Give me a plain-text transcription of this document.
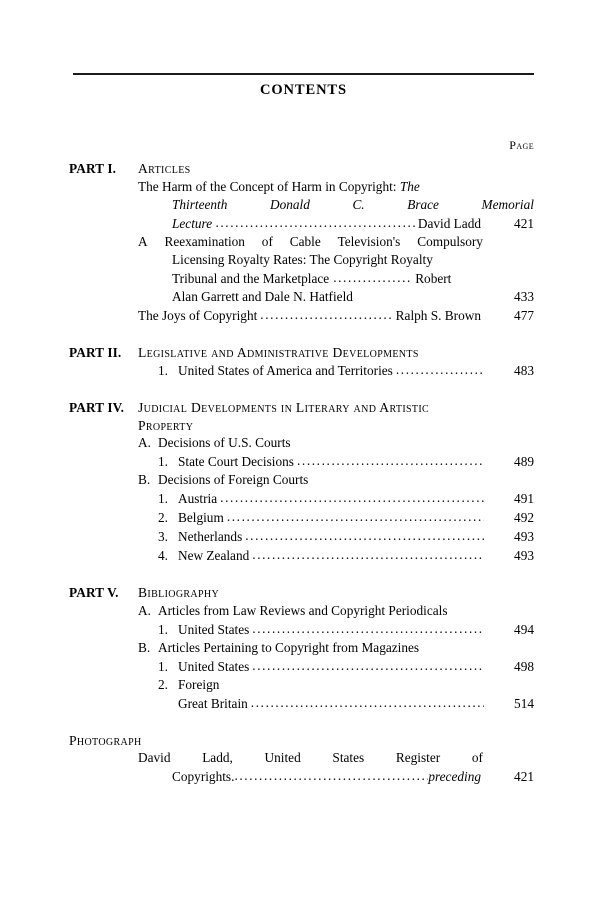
CONTENTS
Page
PART I. Articles
The Harm of the Concept of Harm in Copyright: The
Thirteenth	Donald	C.	Brace	Memorial
Lecture .....	David Ladd	421
A Reexamination of Cable Television's Compulsory
Licensing Royalty Rates: The Copyright Royalty
Tribunal and the Marketplace .....	Robert
Alan Garrett and Dale N. Hatfield	433
The Joys of Copyright .....	Ralph S. Brown	477
PART II. Legislative and Administrative Developments
1. United States of America and Territories .....	483
PART IV. Judicial Developments in Literary and Artistic
Property
A. Decisions of U.S. Courts
1. State Court Decisions .....	489
B. Decisions of Foreign Courts
1. Austria .....	491
2. Belgium .....	492
3. Netherlands .....	493
4. New Zealand .....	493
PART V. Bibliography
A. Articles from Law Reviews and Copyright Periodicals
1. United States .....	494
B. Articles Pertaining to Copyright from Magazines
1. United States .....	498
2. Foreign
Great Britain .....	514
Photograph
David Ladd, United States Register of
Copyrights. .....	preceding	421
